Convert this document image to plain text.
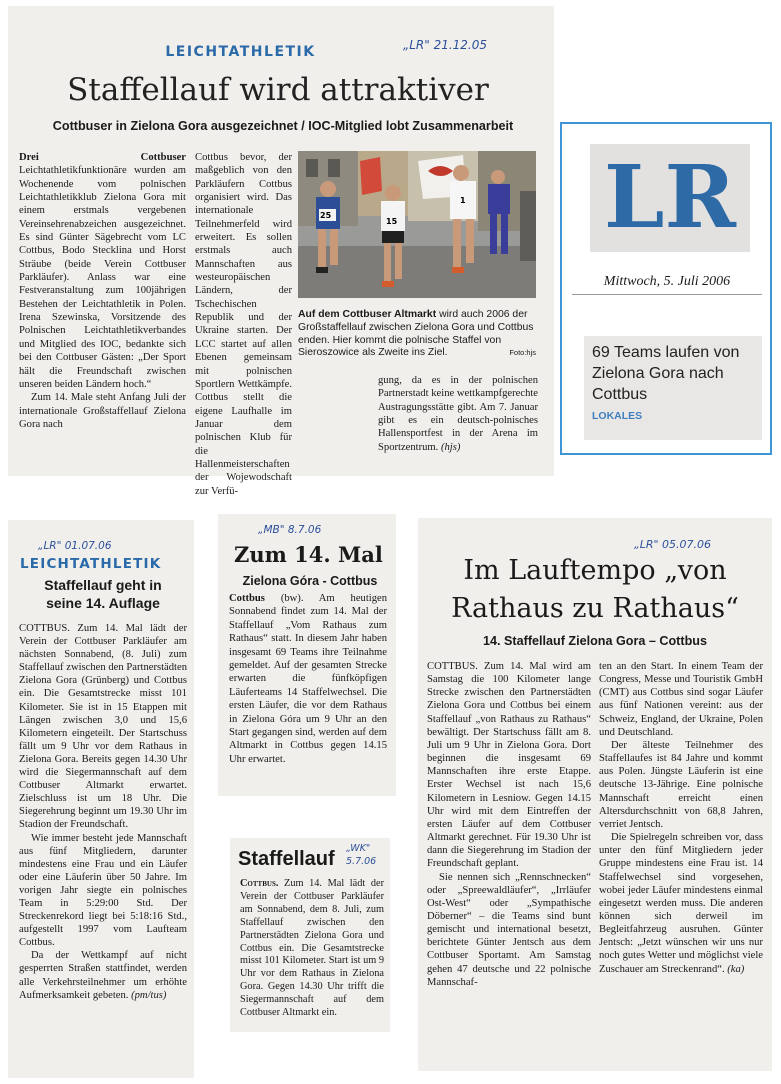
LEICHTATHLETIK	„LR" 21.12.05
Staffellauf wird attraktiver
Cottbuser in Zielona Gora ausgezeichnet / IOC-Mitglied lobt Zusammenarbeit

Drei Cottbuser Leichtathletikfunktionäre wurden am Wochenende vom polnischen Leichtathletikklub Zielona Gora mit einem erstmals vergebenen Vereinsehrenabzeichen ausgezeichnet. Es sind Günter Sägebrecht vom LC Cottbus, Bodo Stecklina und Horst Sträube (beide Verein Cottbuser Parkläufer). Anlass war eine Festveranstaltung zum 100jährigen Bestehen der Leichtathletik in Polen. Irena Szewinska, Vorsitzende des Polnischen Leichtathletikverbandes und Mitglied des IOC, bedankte sich bei den Cottbuser Gästen: „Der Sport hält die Freundschaft zwischen unseren beiden Ländern hoch.“

Zum 14. Male steht Anfang Juli der internationale Großstaffellauf Zielona Gora nach

Cottbus bevor, der maßgeblich von den Parkläufern Cottbus organisiert wird. Das internationale Teilnehmerfeld wird erweitert. Es sollen erstmals auch Mannschaften aus westeuropäischen Ländern, der Tschechischen Republik und der Ukraine starten. Der LCC startet auf allen Ebenen gemeinsam mit polnischen Sportlern Wettkämpfe. Cottbus stellt die eigene Laufhalle im Januar dem polnischen Klub für die Hallenmeisterschaften der Wojewodschaft zur Verfü-

25
15
1
Auf dem Cottbuser Altmarkt wird auch 2006 der Großstaffellauf zwischen Zielona Gora und Cottbus enden. Hier kommt die polnische Staffel von Sieroszowice als Zweite ins Ziel.	Foto:hjs

gung, da es in der polnischen Partnerstadt keine wettkampfgerechte Austragungsstätte gibt. Am 7. Januar gibt es ein deutsch-polnisches Hallensportfest in der Arena im Sportzentrum. (hjs)

LR
Mittwoch, 5. Juli 2006
69 Teams laufen von Zielona Gora nach Cottbus
LOKALES
„LR" 01.07.06
LEICHTATHLETIK
Staffellauf geht in seine 14. Auflage

COTTBUS. Zum 14. Mal lädt der Verein der Cottbuser Parkläufer am nächsten Sonnabend, (8. Juli) zum Staffellauf zwischen den Partnerstädten Zielona Gora (Grünberg) und Cottbus ein. Die Gesamtstrecke misst 101 Kilometer. Sie ist in 15 Etappen mit Längen zwischen 3,0 und 15,6 Kilometern eingeteilt. Der Startschuss fällt um 9 Uhr vor dem Rathaus in Zielona Gora. Bereits gegen 14.30 Uhr wird die Siegermannschaft auf dem Cottbuser Altmarkt erwartet. Zielschluss ist um 18 Uhr. Die Siegerehrung beginnt um 19.30 Uhr im Stadion der Freundschaft.

Wie immer besteht jede Mannschaft aus fünf Mitgliedern, darunter mindestens eine Frau und ein Läufer oder eine Läuferin über 50 Jahre. Im vorigen Jahr siegte ein polnisches Team in 5:29:00 Std. Der Streckenrekord liegt bei 5:18:16 Std., aufgestellt 1997 vom Laufteam Cottbus.

Da der Wettkampf auf nicht gesperrten Straßen stattfindet, werden alle Verkehrsteilnehmer um erhöhte Aufmerksamkeit gebeten. (pm/tus)

Zum 14. Mal
„MB" 8.7.06
Zielona Góra - Cottbus

Cottbus (bw). Am heutigen Sonnabend findet zum 14. Mal der Staffellauf „Vom Rathaus zum Rathaus“ statt. In diesem Jahr haben insgesamt 69 Teams ihre Teilnahme gemeldet. Auf der gesamten Strecke erwarten die fünfköpfigen Läuferteams 14 Staffelwechsel. Die ersten Läufer, die vor dem Rathaus in Zielona Góra um 9 Uhr an den Start gegangen sind, werden auf dem Altmarkt in Cottbus gegen 14.15 Uhr erwartet.

Staffellauf „WK" 5.7.06

Cottbus. Zum 14. Mal lädt der Verein der Cottbuser Parkläufer am Sonnabend, dem 8. Juli, zum Staffellauf zwischen den Partnerstädten Zielona Gora und Cottbus ein. Die Gesamtstrecke misst 101 Kilometer. Start ist um 9 Uhr vor dem Rathaus in Zielona Gora. Gegen 14.30 Uhr trifft die Siegermannschaft auf dem Cottbuser Altmarkt ein.

„LR" 05.07.06
Im Lauftempo „von Rathaus zu Rathaus“
14. Staffellauf Zielona Gora – Cottbus

COTTBUS. Zum 14. Mal wird am Samstag die 100 Kilometer lange Strecke zwischen den Partnerstädten Zielona Gora und Cottbus bei einem Staffellauf „von Rathaus zu Rathaus“ bewältigt. Der Startschuss fällt am 8. Juli um 9 Uhr in Zielona Gora. Dort beginnen die insgesamt 69 Mannschaften ihre erste Etappe. Erster Wechsel ist nach 15,6 Kilometern in Lesniow. Gegen 14.15 Uhr wird mit dem Eintreffen der ersten Läufer auf dem Cottbuser Altmarkt gerechnet. Für 19.30 Uhr ist dann die Siegerehrung im Stadion der Freundschaft geplant.

Sie nennen sich „Rennschnecken“ oder „Spreewaldläufer“, „Irrläufer Ost-West“ oder „Sympathische Döberner“ – die Teams sind bunt gemischt und international besetzt, berichtete Günter Jentsch aus dem Cottbuser Sportamt. Am Samstag gehen 47 deutsche und 22 polnische Mannschaf-

ten an den Start. In einem Team der Congress, Messe und Touristik GmbH (CMT) aus Cottbus sind sogar Läufer aus fünf Nationen vereint: aus der Schweiz, England, der Ukraine, Polen und Deutschland.

Der älteste Teilnehmer des Staffellaufes ist 84 Jahre und kommt aus Polen. Jüngste Läuferin ist eine deutsche 13-Jährige. Eine polnische Mannschaft erreicht einen Altersdurchschnitt von 68,8 Jahren, verriet Jentsch.

Die Spielregeln schreiben vor, dass unter den fünf Mitgliedern jeder Gruppe mindestens eine Frau ist. 14 Staffelwechsel sind vorgesehen, wobei jeder Läufer mindestens einmal eingesetzt werden muss. Die anderen können sich derweil im Begleitfahrzeug ausruhen. Günter Jentsch: „Jetzt wünschen wir uns nur noch gutes Wetter und möglichst viele Zuschauer am Streckenrand“. (ka)
